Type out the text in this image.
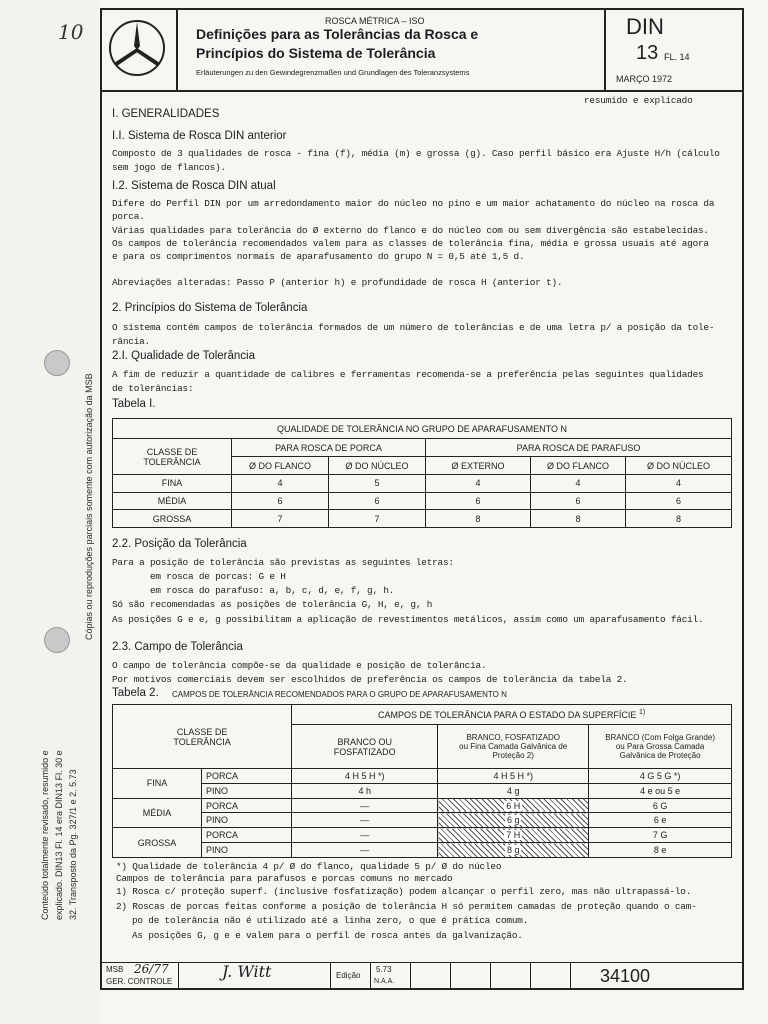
10
Cópias ou reproduções parciais somente com autorização da MSB
Conteúdo totalmente revisado, resumido e explicado. DIN13 Fl. 14 era DIN13 Fl. 30 e 32. Transposto da Pg. 327/1 e 2. 5.73
ROSCA MÉTRICA – ISO
Definições para as Tolerâncias da Rosca e
Princípios do Sistema de Tolerância
Erläuterungen zu den Gewindegrenzmaßen und Grundlagen des Toleranzsystems
DIN
13 FL. 14
MARÇO 1972
resumido e explicado
I. GENERALIDADES
I.I. Sistema de Rosca DIN anterior
Composto de 3 qualidades de rosca - fina (f), média (m) e grossa (g). Caso perfil básico era Ajuste H/h (cálculo
sem jogo de flancos).
I.2. Sistema de Rosca DIN atual
Difere do Perfil DIN por um arredondamento maior do núcleo no pino e um maior achatamento do núcleo na rosca da
porca.
Várias qualidades para tolerância do Ø externo do flanco e do núcleo com ou sem divergência são estabelecidas.
Os campos de tolerância recomendados valem para as classes de tolerância fina, média e grossa usuais até agora
e para os comprimentos normais de aparafusamento do grupo N = 0,5 até 1,5 d.
Abreviações alteradas: Passo P (anterior h) e profundidade de rosca H (anterior t).
2. Princípios do Sistema de Tolerância
O sistema contém campos de tolerância formados de um número de tolerâncias e de uma letra p/ a posição da tole-
rância.
2.I. Qualidade de Tolerância
A fim de reduzir a quantidade de calibres e ferramentas recomenda-se a preferência pelas seguintes qualidades
de tolerâncias:
Tabela I.
QUALIDADE DE TOLERÂNCIA NO GRUPO DE APARAFUSAMENTO N					
CLASSE DE
TOLERÂNCIA	PARA ROSCA DE PORCA		PARA ROSCA DE PARAFUSO		
	Ø DO FLANCO	Ø DO NÚCLEO	Ø EXTERNO	Ø DO FLANCO	Ø DO NÚCLEO
FINA	4	5	4	4	4
MÉDIA	6	6	6	6	6
GROSSA	7	7	8	8	8
2.2. Posição da Tolerância
Para a posição de tolerância são previstas as seguintes letras:
em rosca de porcas: G e H
em rosca do parafuso: a, b, c, d, e, f, g, h.
Só são recomendadas as posições de tolerância G, H, e, g, h
As posições G e e, g possibilitam a aplicação de revestimentos metálicos, assim como um aparafusamento fácil.
2.3. Campo de Tolerância
O campo de tolerância compõe-se da qualidade e posição de tolerância.
Por motivos comerciais devem ser escolhidos de preferência os campos de tolerância da tabela 2.
Tabela 2. CAMPOS DE TOLERÂNCIA RECOMENDADOS PARA O GRUPO DE APARAFUSAMENTO N
CLASSE DE
TOLERÂNCIA		CAMPOS DE TOLERÂNCIA PARA O ESTADO DA SUPERFÍCIE $^{1)}$
		BRANCO OU
FOSFATIZADO	BRANCO, FOSFATIZADO
ou Fina Camada Galvânica de
Proteção 2)	BRANCO (Com Folga Grande)
ou Para Grossa Camada
Galvânica de Proteção
FINA	PORCA	4 H 5 H *)	4 H 5 H *)	4 G 5 G *)
	PINO	4 h	4 g	4 e ou 5 e
MÉDIA	PORCA	—	6 H	6 G
	PINO	—	6 g	6 e
GROSSA	PORCA	—	7 H	7 G
	PINO	—	8 g	8 e
*) Qualidade de tolerância 4 p/ Ø do flanco, qualidade 5 p/ Ø do núcleo
Campos de tolerância para parafusos e porcas comuns no mercado
1) Rosca c/ proteção superf. (inclusive fosfatização) podem alcançar o perfil zero, mas não ultrapassá-lo.
2) Roscas de porcas feitas conforme a posição de tolerância H só permitem camadas de proteção quando o cam-
po de tolerância não é utilizado até a linha zero, o que é prática comum.
As posições G, g e e valem para o perfil de rosca antes da galvanização.
MSB 26/77
GER. CONTROLE
J. Witt	Edição
5.73
N.A.A.	34100
